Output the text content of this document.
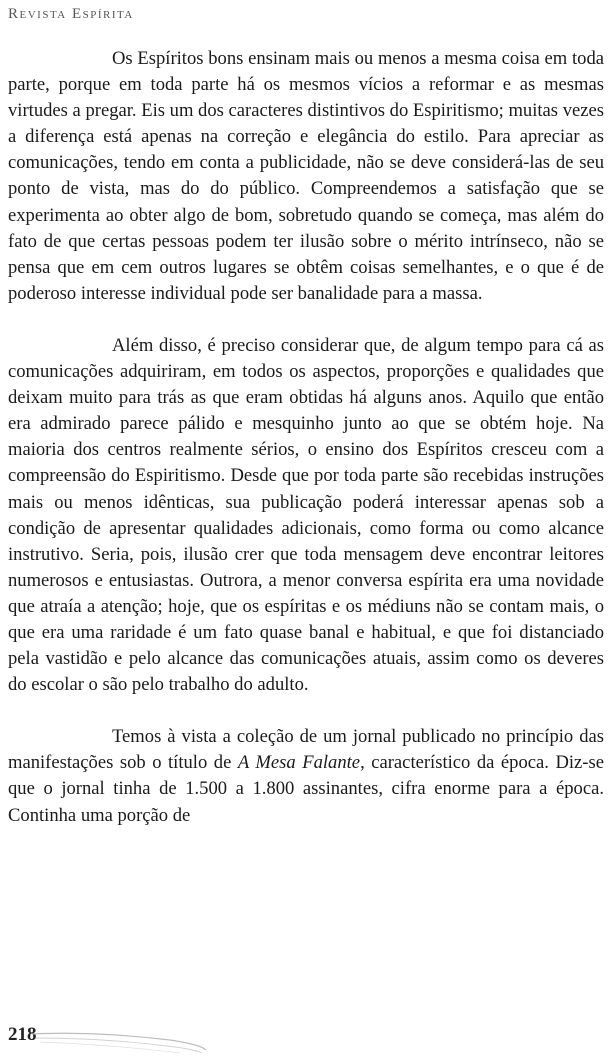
Revista Espírita

Os Espíritos bons ensinam mais ou menos a mesma coisa em toda parte, porque em toda parte há os mesmos vícios a reformar e as mesmas virtudes a pregar. Eis um dos caracteres distintivos do Espiritismo; muitas vezes a diferença está apenas na correção e elegância do estilo. Para apreciar as comunicações, tendo em conta a publicidade, não se deve considerá-las de seu ponto de vista, mas do do público. Compreendemos a satisfação que se experimenta ao obter algo de bom, sobretudo quando se começa, mas além do fato de que certas pessoas podem ter ilusão sobre o mérito intrínseco, não se pensa que em cem outros lugares se obtêm coisas semelhantes, e o que é de poderoso interesse individual pode ser banalidade para a massa.

Além disso, é preciso considerar que, de algum tempo para cá as comunicações adquiriram, em todos os aspectos, proporções e qualidades que deixam muito para trás as que eram obtidas há alguns anos. Aquilo que então era admirado parece pálido e mesquinho junto ao que se obtém hoje. Na maioria dos centros realmente sérios, o ensino dos Espíritos cresceu com a compreensão do Espiritismo. Desde que por toda parte são recebidas instruções mais ou menos idênticas, sua publicação poderá interessar apenas sob a condição de apresentar qualidades adicionais, como forma ou como alcance instrutivo. Seria, pois, ilusão crer que toda mensagem deve encontrar leitores numerosos e entusiastas. Outrora, a menor conversa espírita era uma novidade que atraía a atenção; hoje, que os espíritas e os médiuns não se contam mais, o que era uma raridade é um fato quase banal e habitual, e que foi distanciado pela vastidão e pelo alcance das comunicações atuais, assim como os deveres do escolar o são pelo trabalho do adulto.

Temos à vista a coleção de um jornal publicado no princípio das manifestações sob o título de A Mesa Falante, característico da época. Diz-se que o jornal tinha de 1.500 a 1.800 assinantes, cifra enorme para a época. Continha uma porção de

218
